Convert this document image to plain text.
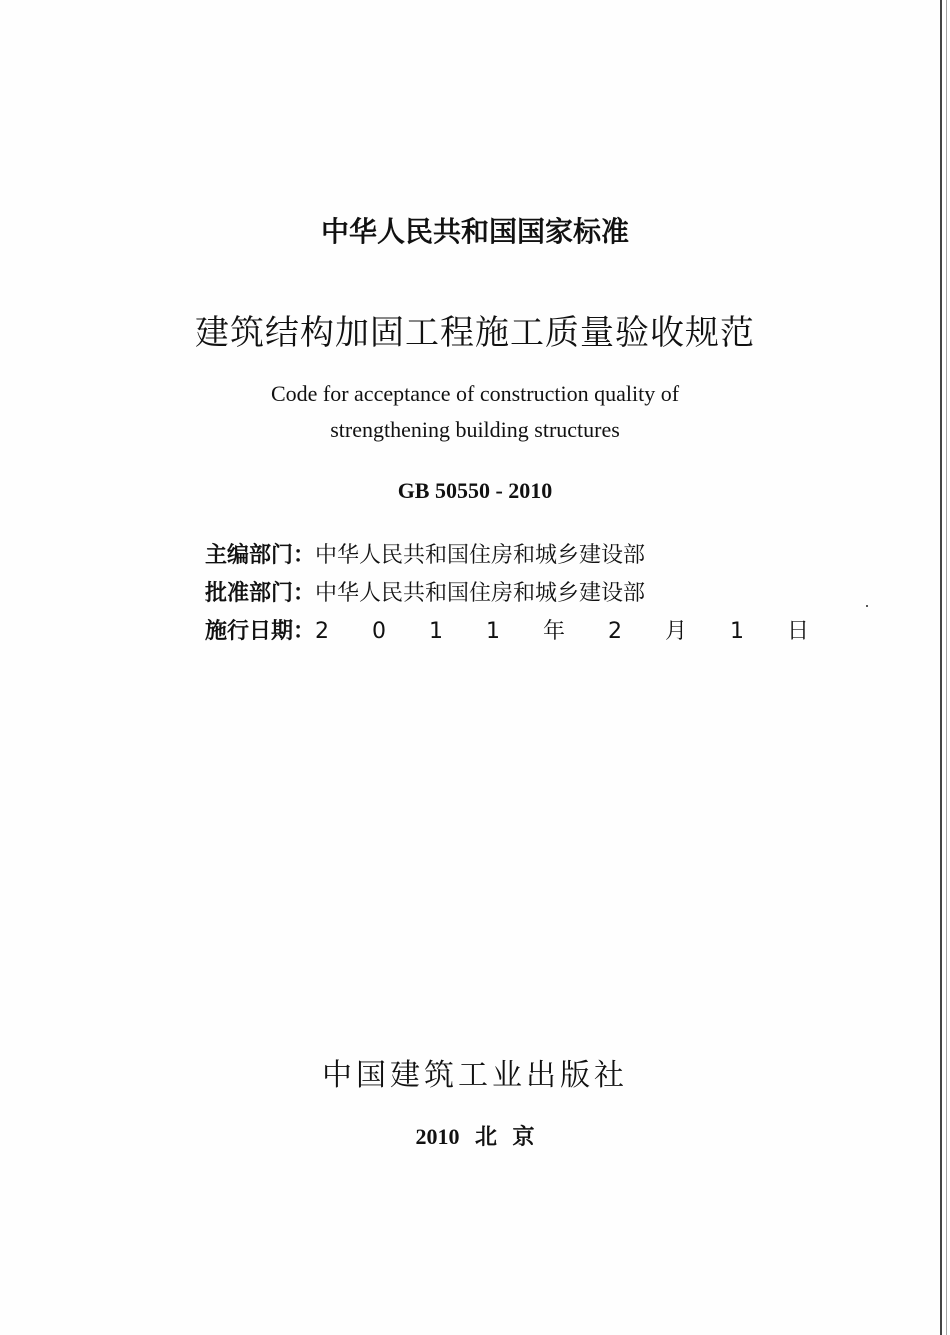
中华人民共和国国家标准
建筑结构加固工程施工质量验收规范
Code for acceptance of construction quality of
strengthening building structures
GB 50550 - 2010
主编部门：中华人民共和国住房和城乡建设部
批准部门：中华人民共和国住房和城乡建设部
施行日期：2 0 1 1 年 2 月 1 日
中国建筑工业出版社
2010 北 京
